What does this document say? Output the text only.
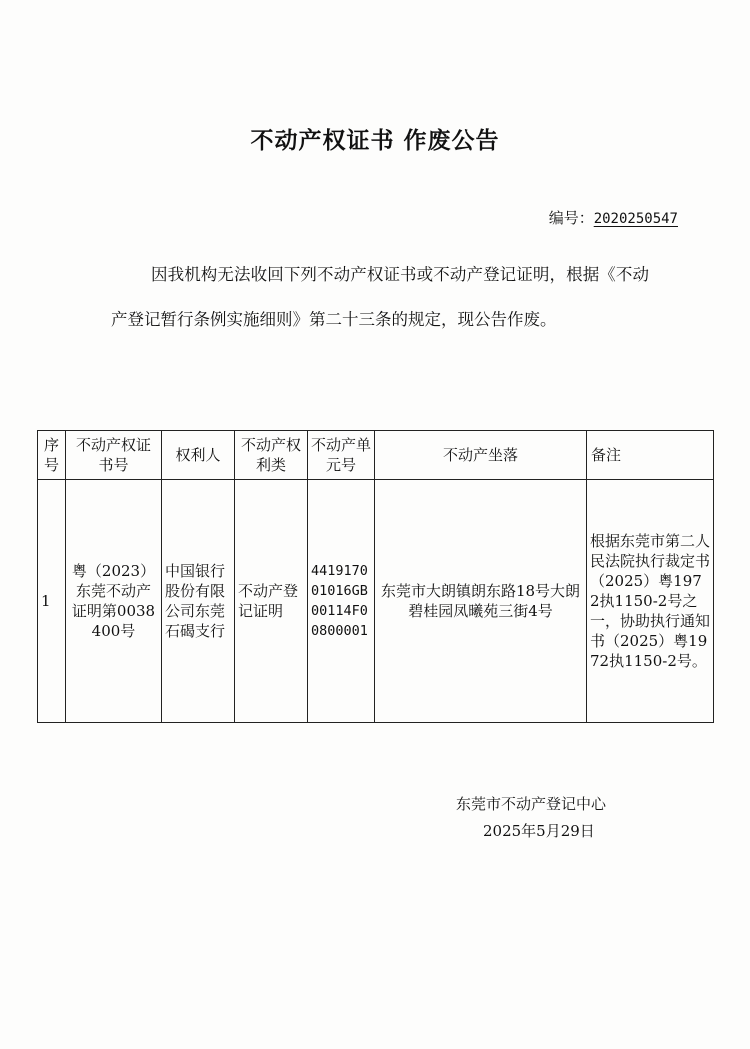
不动产权证书 作废公告
编号：2020250547
因我机构无法收回下列不动产权证书或不动产登记证明，根据《不动产登记暂行条例实施细则》第二十三条的规定，现公告作废。
序号	不动产权证书号	权利人	不动产权利类	不动产单元号	不动产坐落	备注
1	粤（2023）东莞不动产证明第0038400号	中国银行股份有限公司东莞石碣支行	不动产登记证明	441917001016GB00114F00800001	东莞市大朗镇朗东路18号大朗碧桂园凤曦苑三街4号	根据东莞市第二人民法院执行裁定书（2025）粤1972执1150-2号之一，协助执行通知书（2025）粤1972执1150-2号。
东莞市不动产登记中心
2025年5月29日
